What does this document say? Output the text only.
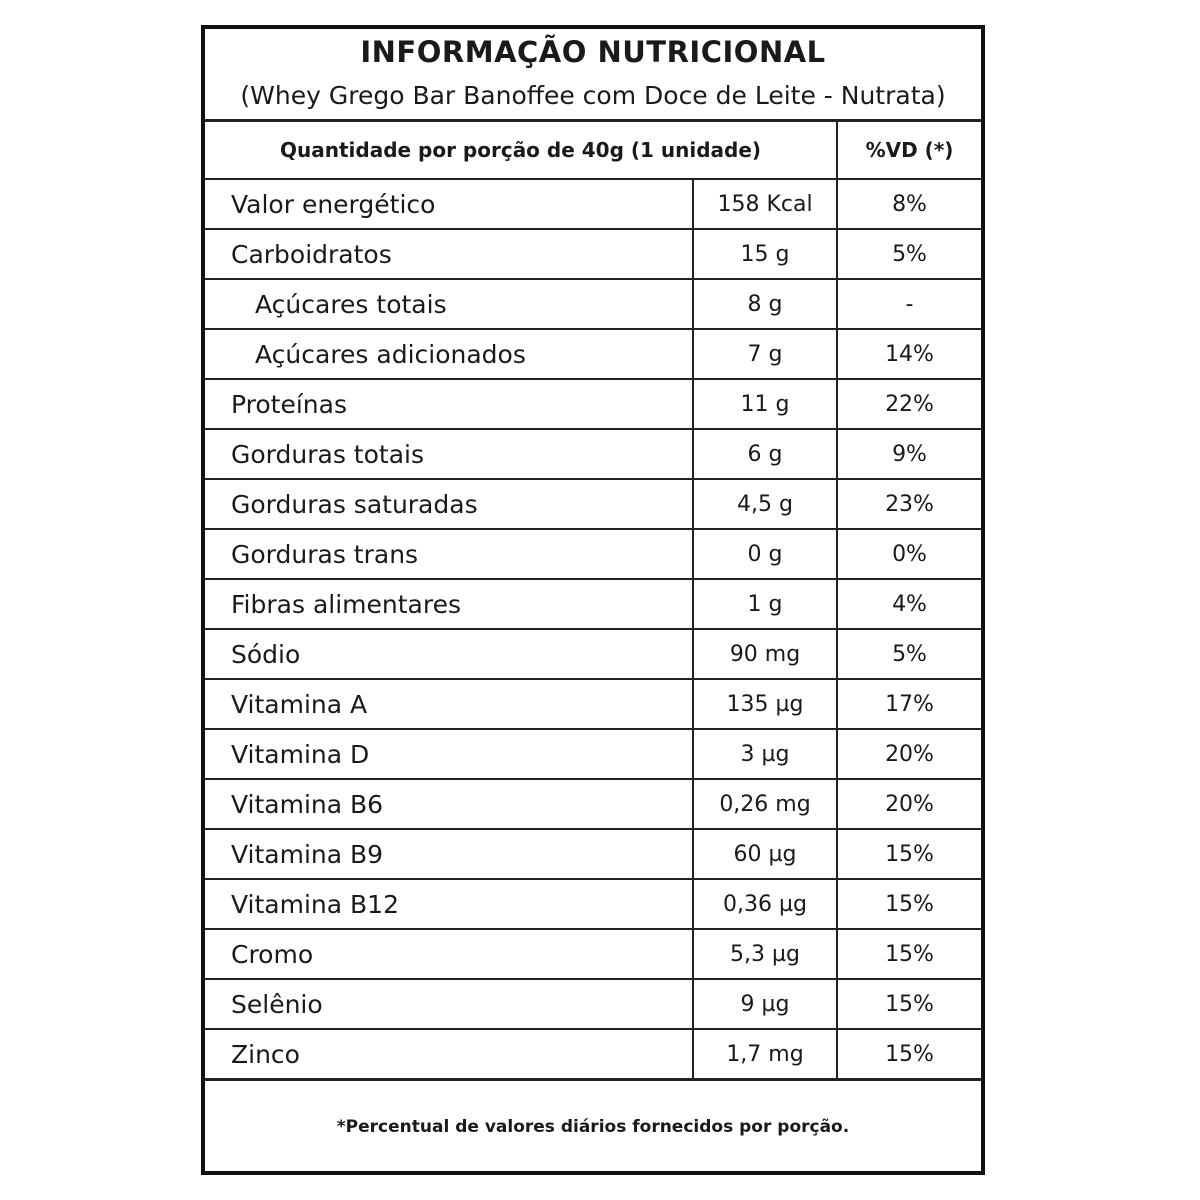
INFORMAÇÃO NUTRICIONAL
(Whey Grego Bar Banoffee com Doce de Leite - Nutrata)
Quantidade por porção de 40g (1 unidade)		%VD (*)
Valor energético	158 Kcal	8%
Carboidratos	15 g	5%
Açúcares totais	8 g	-
Açúcares adicionados	7 g	14%
Proteínas	11 g	22%
Gorduras totais	6 g	9%
Gorduras saturadas	4,5 g	23%
Gorduras trans	0 g	0%
Fibras alimentares	1 g	4%
Sódio	90 mg	5%
Vitamina A	135 µg	17%
Vitamina D	3 µg	20%
Vitamina B6	0,26 mg	20%
Vitamina B9	60 µg	15%
Vitamina B12	0,36 µg	15%
Cromo	5,3 µg	15%
Selênio	9 µg	15%
Zinco	1,7 mg	15%
*Percentual de valores diários fornecidos por porção.
